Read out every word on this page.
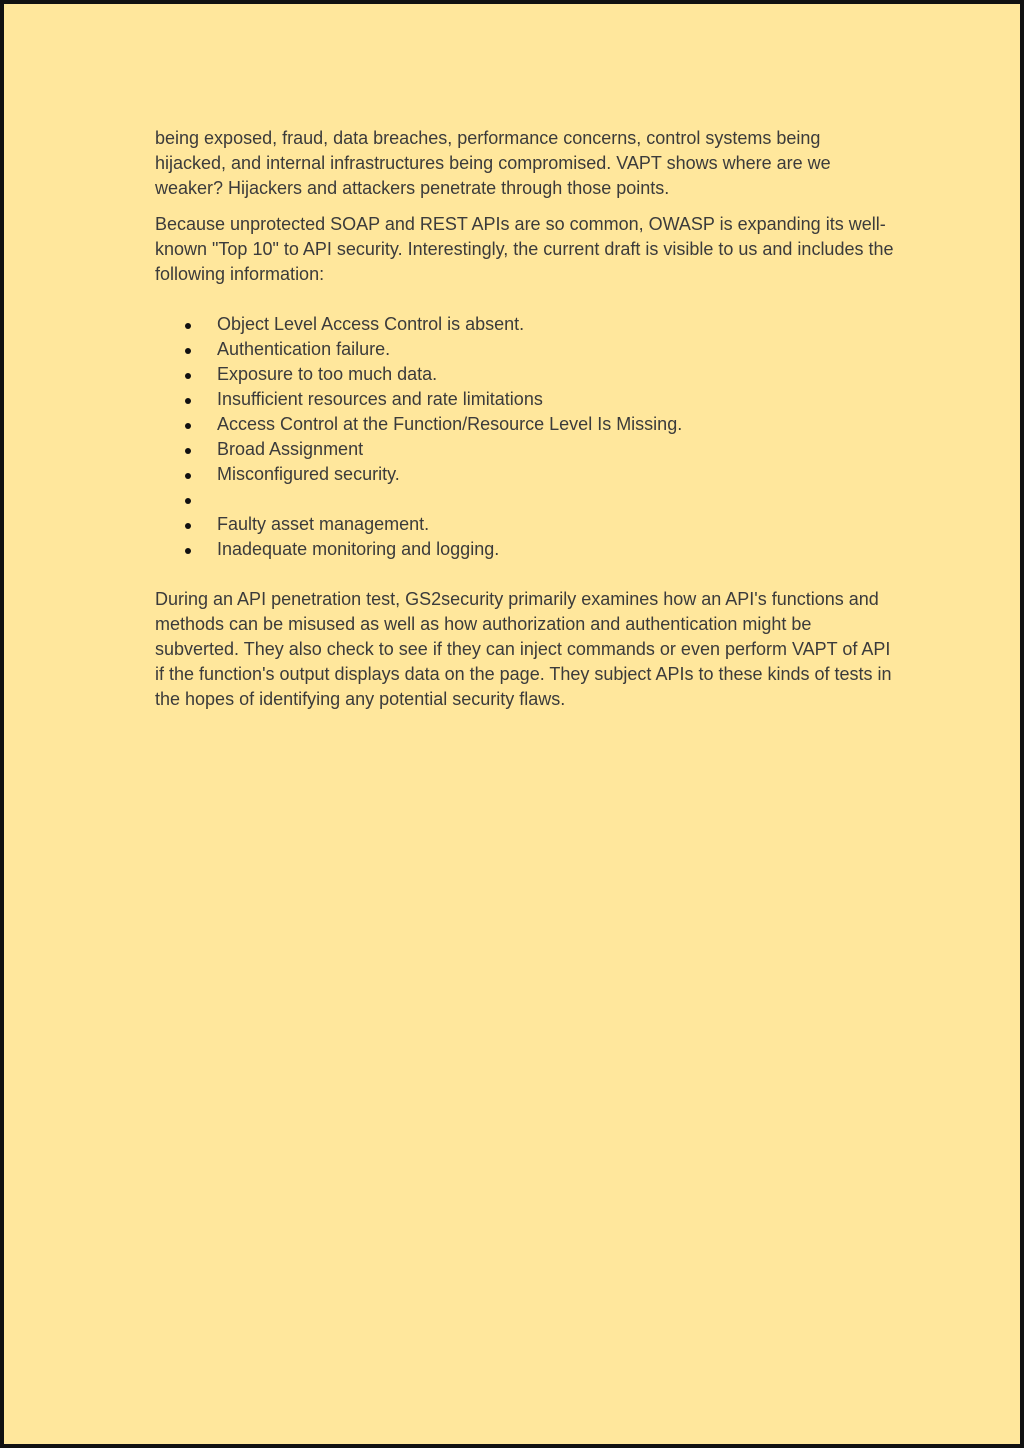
being exposed, fraud, data breaches, performance concerns, control systems being hijacked, and internal infrastructures being compromised. VAPT shows where are we weaker? Hijackers and attackers penetrate through those points.

Because unprotected SOAP and REST APIs are so common, OWASP is expanding its well-known "Top 10" to API security. Interestingly, the current draft is visible to us and includes the following information:

Object Level Access Control is absent.
Authentication failure.
Exposure to too much data.
Insufficient resources and rate limitations
Access Control at the Function/Resource Level Is Missing.
Broad Assignment
Misconfigured security.
Faulty asset management.
Inadequate monitoring and logging.

During an API penetration test, GS2security primarily examines how an API's functions and methods can be misused as well as how authorization and authentication might be subverted. They also check to see if they can inject commands or even perform VAPT of API if the function's output displays data on the page. They subject APIs to these kinds of tests in the hopes of identifying any potential security flaws.
